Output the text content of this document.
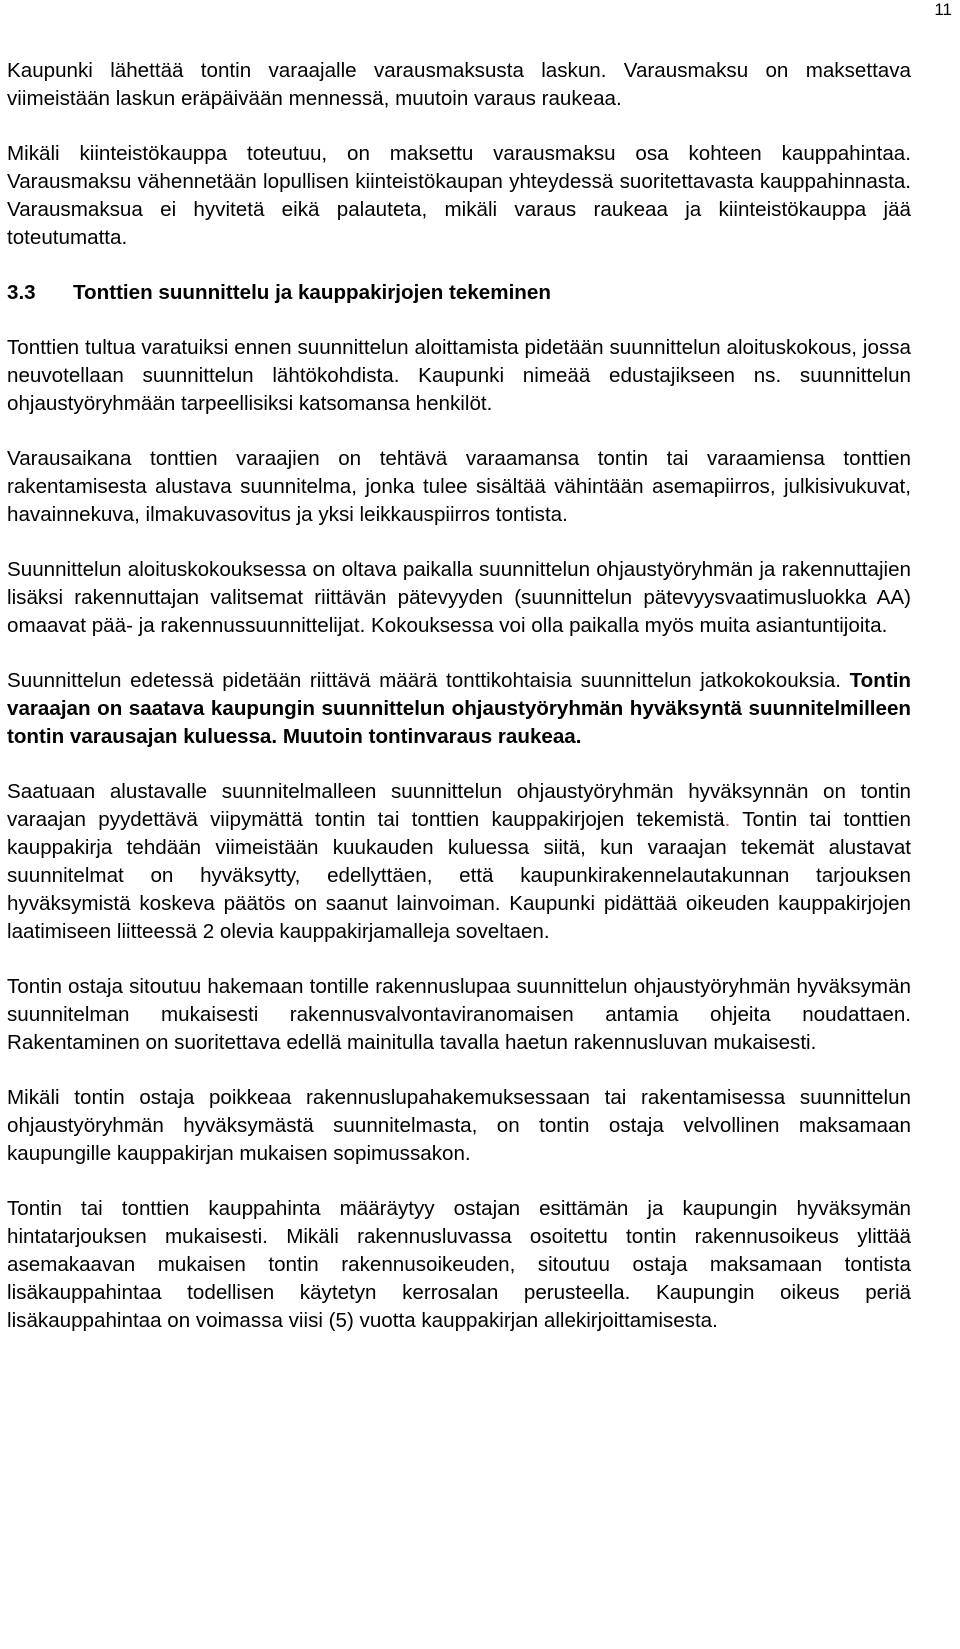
11

Kaupunki lähettää tontin varaajalle varausmaksusta laskun. Varausmaksu on maksettava viimeistään laskun eräpäivään mennessä, muutoin varaus raukeaa.

Mikäli kiinteistökauppa toteutuu, on maksettu varausmaksu osa kohteen kauppahintaa. Varausmaksu vähennetään lopullisen kiinteistökaupan yhteydessä suoritettavasta kauppahinnasta. Varausmaksua ei hyvitetä eikä palauteta, mikäli varaus raukeaa ja kiinteistökauppa jää toteutumatta.

3.3 Tonttien suunnittelu ja kauppakirjojen tekeminen

Tonttien tultua varatuiksi ennen suunnittelun aloittamista pidetään suunnittelun aloituskokous, jossa neuvotellaan suunnittelun lähtökohdista. Kaupunki nimeää edustajikseen ns. suunnittelun ohjaustyöryhmään tarpeellisiksi katsomansa henkilöt.

Varausaikana tonttien varaajien on tehtävä varaamansa tontin tai varaamiensa tonttien rakentamisesta alustava suunnitelma, jonka tulee sisältää vähintään asemapiirros, julkisivukuvat, havainnekuva, ilmakuvasovitus ja yksi leikkauspiirros tontista.

Suunnittelun aloituskokouksessa on oltava paikalla suunnittelun ohjaustyöryhmän ja rakennuttajien lisäksi rakennuttajan valitsemat riittävän pätevyyden (suunnittelun pätevyysvaatimusluokka AA) omaavat pää- ja rakennussuunnittelijat. Kokouksessa voi olla paikalla myös muita asiantuntijoita.

Suunnittelun edetessä pidetään riittävä määrä tonttikohtaisia suunnittelun jatkokokouksia. Tontin varaajan on saatava kaupungin suunnittelun ohjaustyöryhmän hyväksyntä suunnitelmilleen tontin varausajan kuluessa. Muutoin tontinvaraus raukeaa.

Saatuaan alustavalle suunnitelmalleen suunnittelun ohjaustyöryhmän hyväksynnän on tontin varaajan pyydettävä viipymättä tontin tai tonttien kauppakirjojen tekemistä. Tontin tai tonttien kauppakirja tehdään viimeistään kuukauden kuluessa siitä, kun varaajan tekemät alustavat suunnitelmat on hyväksytty, edellyttäen, että kaupunkirakennelautakunnan tarjouksen hyväksymistä koskeva päätös on saanut lainvoiman. Kaupunki pidättää oikeuden kauppakirjojen laatimiseen liitteessä 2 olevia kauppakirjamalleja soveltaen.

Tontin ostaja sitoutuu hakemaan tontille rakennuslupaa suunnittelun ohjaustyöryhmän hyväksymän suunnitelman mukaisesti rakennusvalvontaviranomaisen antamia ohjeita noudattaen. Rakentaminen on suoritettava edellä mainitulla tavalla haetun rakennusluvan mukaisesti.

Mikäli tontin ostaja poikkeaa rakennuslupahakemuksessaan tai rakentamisessa suunnittelun ohjaustyöryhmän hyväksymästä suunnitelmasta, on tontin ostaja velvollinen maksamaan kaupungille kauppakirjan mukaisen sopimussakon.

Tontin tai tonttien kauppahinta määräytyy ostajan esittämän ja kaupungin hyväksymän hintatarjouksen mukaisesti. Mikäli rakennusluvassa osoitettu tontin rakennusoikeus ylittää asemakaavan mukaisen tontin rakennusoikeuden, sitoutuu ostaja maksamaan tontista lisäkauppahintaa todellisen käytetyn kerrosalan perusteella. Kaupungin oikeus periä lisäkauppahintaa on voimassa viisi (5) vuotta kauppakirjan allekirjoittamisesta.
